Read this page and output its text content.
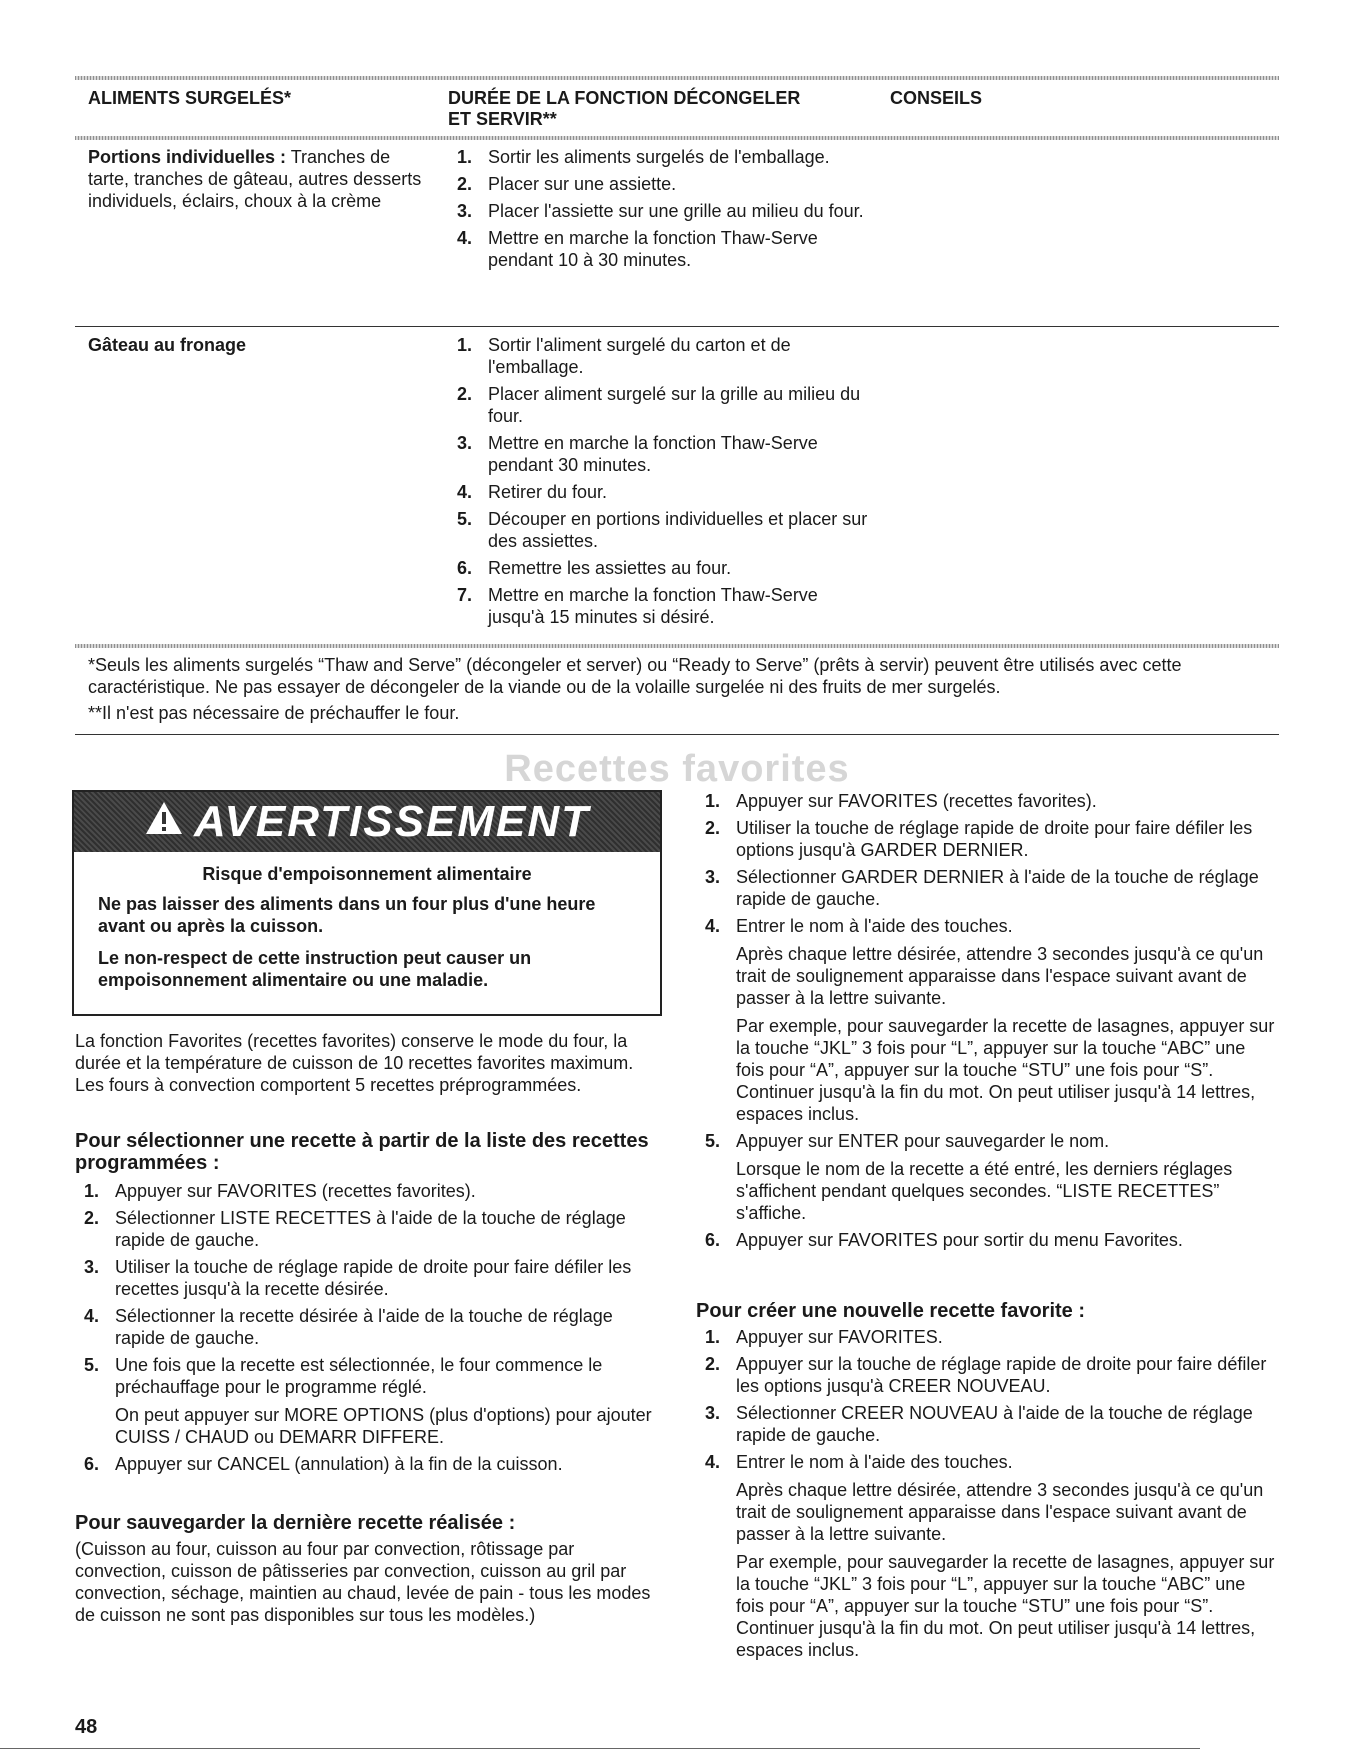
ALIMENTS SURGELÉS*	DURÉE DE LA FONCTION DÉCONGELER
ET SERVIR**
CONSEILS
Portions individuelles : Tranches de tarte, tranches de gâteau, autres desserts individuels, éclairs, choux à la crème
1. Sortir les aliments surgelés de l'emballage.
2. Placer sur une assiette.
3. Placer l'assiette sur une grille au milieu du four.
4. Mettre en marche la fonction Thaw-Serve pendant 10 à 30 minutes.
Gâteau au fronage	1. Sortir l'aliment surgelé du carton et de l'emballage.
2. Placer aliment surgelé sur la grille au milieu du four.
3. Mettre en marche la fonction Thaw-Serve pendant 30 minutes.
4. Retirer du four.
5. Découper en portions individuelles et placer sur des assiettes.
6. Remettre les assiettes au four.
7. Mettre en marche la fonction Thaw-Serve jusqu'à 15 minutes si désiré.
*Seuls les aliments surgelés “Thaw and Serve” (décongeler et server) ou “Ready to Serve” (prêts à servir) peuvent être utilisés avec cette caractéristique. Ne pas essayer de décongeler de la viande ou de la volaille surgelée ni des fruits de mer surgelés.
**Il n'est pas nécessaire de préchauffer le four.
Recettes favorites
AVERTISSEMENT
Risque d'empoisonnement alimentaire

Ne pas laisser des aliments dans un four plus d'une heure avant ou après la cuisson.

Le non-respect de cette instruction peut causer un empoisonnement alimentaire ou une maladie.

La fonction Favorites (recettes favorites) conserve le mode du four, la durée et la température de cuisson de 10 recettes favorites maximum. Les fours à convection comportent 5 recettes préprogrammées.

Pour sélectionner une recette à partir de la liste des recettes programmées :
1. Appuyer sur FAVORITES (recettes favorites).
2. Sélectionner LISTE RECETTES à l'aide de la touche de réglage rapide de gauche.
3. Utiliser la touche de réglage rapide de droite pour faire défiler les recettes jusqu'à la recette désirée.
4. Sélectionner la recette désirée à l'aide de la touche de réglage rapide de gauche.
5. Une fois que la recette est sélectionnée, le four commence le préchauffage pour le programme réglé.
On peut appuyer sur MORE OPTIONS (plus d'options) pour ajouter CUISS / CHAUD ou DEMARR DIFFERE.
6. Appuyer sur CANCEL (annulation) à la fin de la cuisson.
Pour sauvegarder la dernière recette réalisée :

(Cuisson au four, cuisson au four par convection, rôtissage par convection, cuisson de pâtisseries par convection, cuisson au gril par convection, séchage, maintien au chaud, levée de pain - tous les modes de cuisson ne sont pas disponibles sur tous les modèles.)

1. Appuyer sur FAVORITES (recettes favorites).
2. Utiliser la touche de réglage rapide de droite pour faire défiler les options jusqu'à GARDER DERNIER.
3. Sélectionner GARDER DERNIER à l'aide de la touche de réglage rapide de gauche.
4. Entrer le nom à l'aide des touches.
Après chaque lettre désirée, attendre 3 secondes jusqu'à ce qu'un trait de soulignement apparaisse dans l'espace suivant avant de passer à la lettre suivante.
Par exemple, pour sauvegarder la recette de lasagnes, appuyer sur la touche “JKL” 3 fois pour “L”, appuyer sur la touche “ABC” une fois pour “A”, appuyer sur la touche “STU” une fois pour “S”. Continuer jusqu'à la fin du mot. On peut utiliser jusqu'à 14 lettres, espaces inclus.
5. Appuyer sur ENTER pour sauvegarder le nom.
Lorsque le nom de la recette a été entré, les derniers réglages s'affichent pendant quelques secondes. “LISTE RECETTES” s'affiche.
6. Appuyer sur FAVORITES pour sortir du menu Favorites.
Pour créer une nouvelle recette favorite :
1. Appuyer sur FAVORITES.
2. Appuyer sur la touche de réglage rapide de droite pour faire défiler les options jusqu'à CREER NOUVEAU.
3. Sélectionner CREER NOUVEAU à l'aide de la touche de réglage rapide de gauche.
4. Entrer le nom à l'aide des touches.
Après chaque lettre désirée, attendre 3 secondes jusqu'à ce qu'un trait de soulignement apparaisse dans l'espace suivant avant de passer à la lettre suivante.
Par exemple, pour sauvegarder la recette de lasagnes, appuyer sur la touche “JKL” 3 fois pour “L”, appuyer sur la touche “ABC” une fois pour “A”, appuyer sur la touche “STU” une fois pour “S”. Continuer jusqu'à la fin du mot. On peut utiliser jusqu'à 14 lettres, espaces inclus.
48
